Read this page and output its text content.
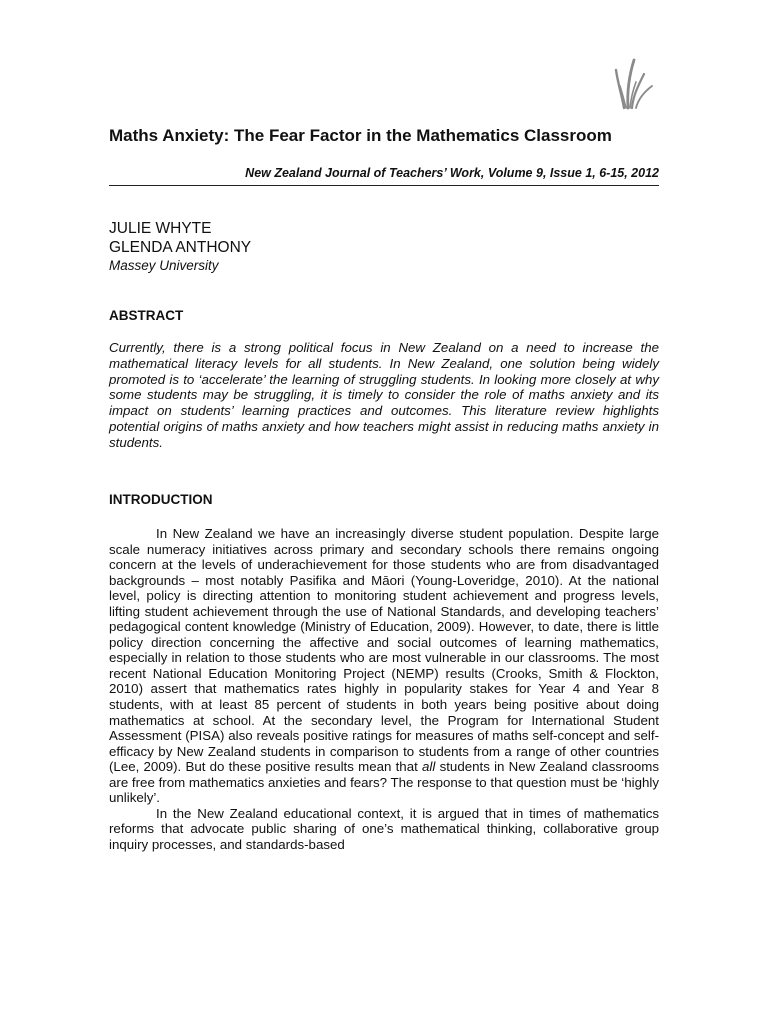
Maths Anxiety: The Fear Factor in the Mathematics Classroom

New Zealand Journal of Teachers’ Work, Volume 9, Issue 1, 6-15, 2012

JULIE WHYTE
GLENDA ANTHONY

Massey University

ABSTRACT

Currently, there is a strong political focus in New Zealand on a need to increase the mathematical literacy levels for all students. In New Zealand, one solution being widely promoted is to ‘accelerate’ the learning of struggling students. In looking more closely at why some students may be struggling, it is timely to consider the role of maths anxiety and its impact on students’ learning practices and outcomes. This literature review highlights potential origins of maths anxiety and how teachers might assist in reducing maths anxiety in students.

INTRODUCTION

In New Zealand we have an increasingly diverse student population. Despite large scale numeracy initiatives across primary and secondary schools there remains ongoing concern at the levels of underachievement for those students who are from disadvantaged backgrounds – most notably Pasifika and Māori (Young-Loveridge, 2010). At the national level, policy is directing attention to monitoring student achievement and progress levels, lifting student achievement through the use of National Standards, and developing teachers’ pedagogical content knowledge (Ministry of Education, 2009). However, to date, there is little policy direction concerning the affective and social outcomes of learning mathematics, especially in relation to those students who are most vulnerable in our classrooms. The most recent National Education Monitoring Project (NEMP) results (Crooks, Smith & Flockton, 2010) assert that mathematics rates highly in popularity stakes for Year 4 and Year 8 students, with at least 85 percent of students in both years being positive about doing mathematics at school. At the secondary level, the Program for International Student Assessment (PISA) also reveals positive ratings for measures of maths self-concept and self-efficacy by New Zealand students in comparison to students from a range of other countries (Lee, 2009). But do these positive results mean that all students in New Zealand classrooms are free from mathematics anxieties and fears? The response to that question must be ‘highly unlikely’.

In the New Zealand educational context, it is argued that in times of mathematics reforms that advocate public sharing of one’s mathematical thinking, collaborative group inquiry processes, and standards-based
